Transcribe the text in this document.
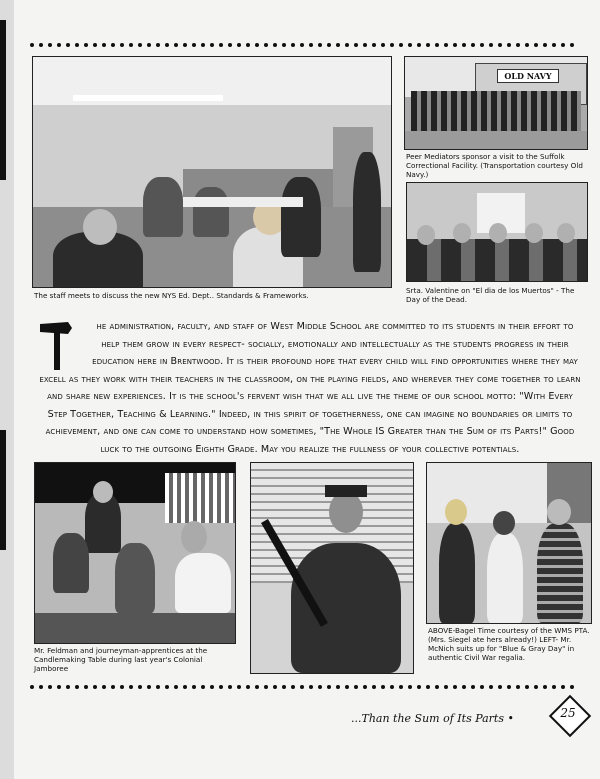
The staff meets to discuss the new NYS Ed. Dept.. Standards & Frameworks.
OLD NAVY
Peer Mediators sponsor a visit to the Suffolk Correctional Facility. (Transportation courtesy Old Navy.)
Srta. Valentine on "El dia de los Muertos" - The Day of the Dead.
he administration, faculty, and staff of West Middle School are committed to its students in their effort to help them grow in every respect- socially, emotionally and intellectually as the students progress in their education here in Brentwood. It is their profound hope that every child will find opportunities where they may excell as they work with their teachers in the classroom, on the playing fields, and wherever they come together to learn and share new experiences. It is the school's fervent wish that we all live the theme of our school motto: "With Every Step Together, Teaching & Learning." Indeed, in this spirit of togetherness, one can imagine no boundaries or limits to achievement, and one can come to understand how sometimes, "The Whole IS Greater than the Sum of its Parts!" Good luck to the outgoing Eighth Grade. May you realize the fullness of your collective potentials.
Mr. Feldman and journeyman-apprentices at the Candlemaking Table during last year's Colonial Jamboree
ABOVE-Bagel Time courtesy of the WMS PTA. (Mrs. Siegel ate hers already!) LEFT- Mr. McNich suits up for "Blue & Gray Day" in authentic Civil War regalia.
...Than the Sum of Its Parts •	25
